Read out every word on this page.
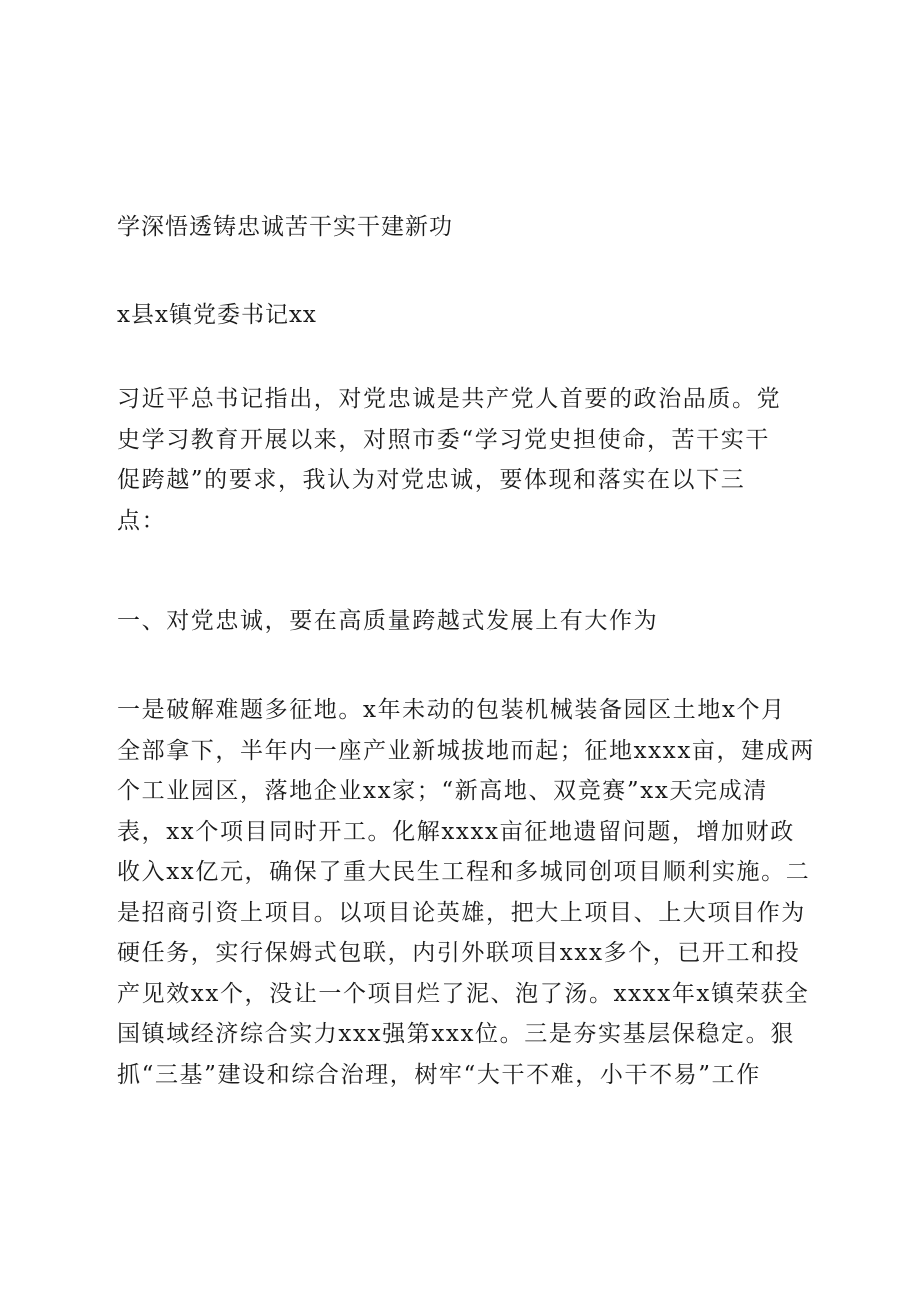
学深悟透铸忠诚苦干实干建新功
x县x镇党委书记xx
习近平总书记指出，对党忠诚是共产党人首要的政治品质。党
史学习教育开展以来，对照市委“学习党史担使命，苦干实干
促跨越”的要求，我认为对党忠诚，要体现和落实在以下三
点：
一、对党忠诚，要在高质量跨越式发展上有大作为
一是破解难题多征地。x年未动的包装机械装备园区土地x个月
全部拿下，半年内一座产业新城拔地而起；征地xxxx亩，建成两
个工业园区，落地企业xx家；“新高地、双竞赛”xx天完成清
表，xx个项目同时开工。化解xxxx亩征地遗留问题，增加财政
收入xx亿元，确保了重大民生工程和多城同创项目顺利实施。二
是招商引资上项目。以项目论英雄，把大上项目、上大项目作为
硬任务，实行保姆式包联，内引外联项目xxx多个，已开工和投
产见效xx个，没让一个项目烂了泥、泡了汤。xxxx年x镇荣获全
国镇域经济综合实力xxx强第xxx位。三是夯实基层保稳定。狠
抓“三基”建设和综合治理，树牢“大干不难，小干不易”工作
